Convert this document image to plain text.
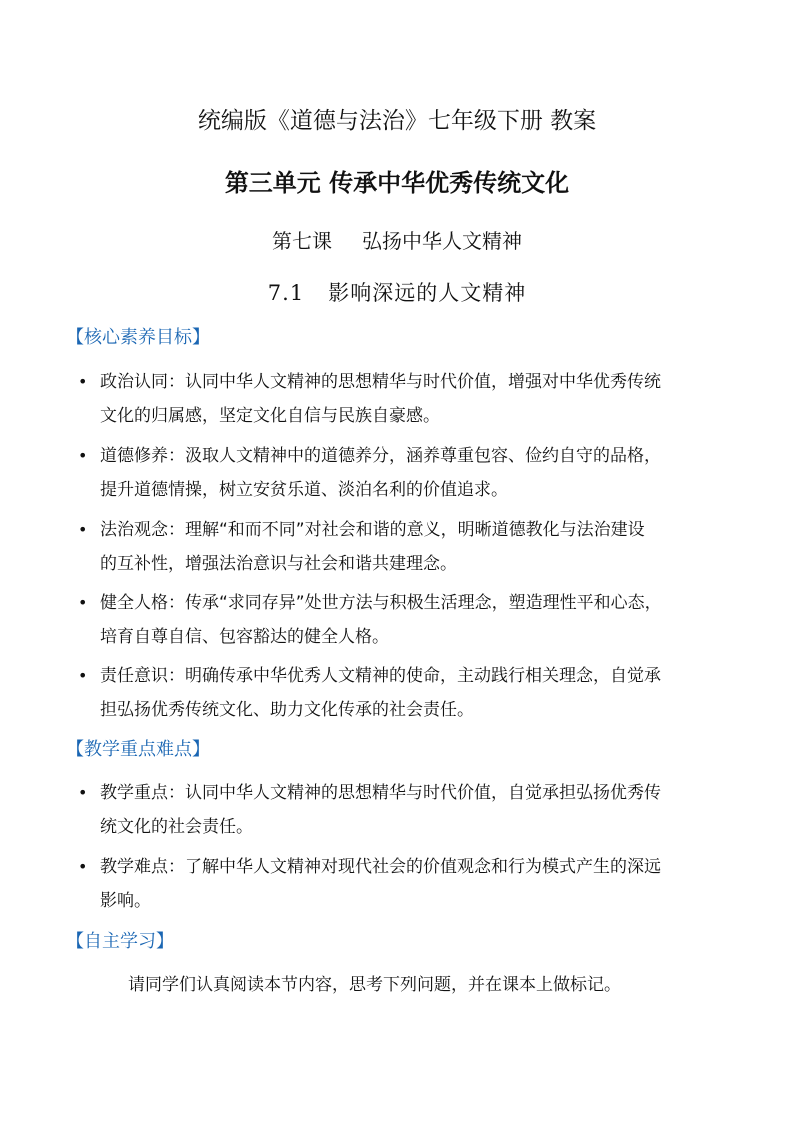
统编版《道德与法治》七年级下册 教案
第三单元 传承中华优秀传统文化
第七课 弘扬中华人文精神
7.1 影响深远的人文精神
【核心素养目标】
• 政治认同：认同中华人文精神的思想精华与时代价值，增强对中华优秀传统

文化的归属感，坚定文化自信与民族自豪感。

• 道德修养：汲取人文精神中的道德养分，涵养尊重包容、俭约自守的品格，

提升道德情操，树立安贫乐道、淡泊名利的价值追求。

• 法治观念：理解“和而不同”对社会和谐的意义，明晰道德教化与法治建设

的互补性，增强法治意识与社会和谐共建理念。

• 健全人格：传承“求同存异”处世方法与积极生活理念，塑造理性平和心态，

培育自尊自信、包容豁达的健全人格。

• 责任意识：明确传承中华优秀人文精神的使命，主动践行相关理念，自觉承

担弘扬优秀传统文化、助力文化传承的社会责任。

【教学重点难点】
• 教学重点：认同中华人文精神的思想精华与时代价值，自觉承担弘扬优秀传

统文化的社会责任。

• 教学难点：了解中华人文精神对现代社会的价值观念和行为模式产生的深远

影响。

【自主学习】
请同学们认真阅读本节内容，思考下列问题，并在课本上做标记。
